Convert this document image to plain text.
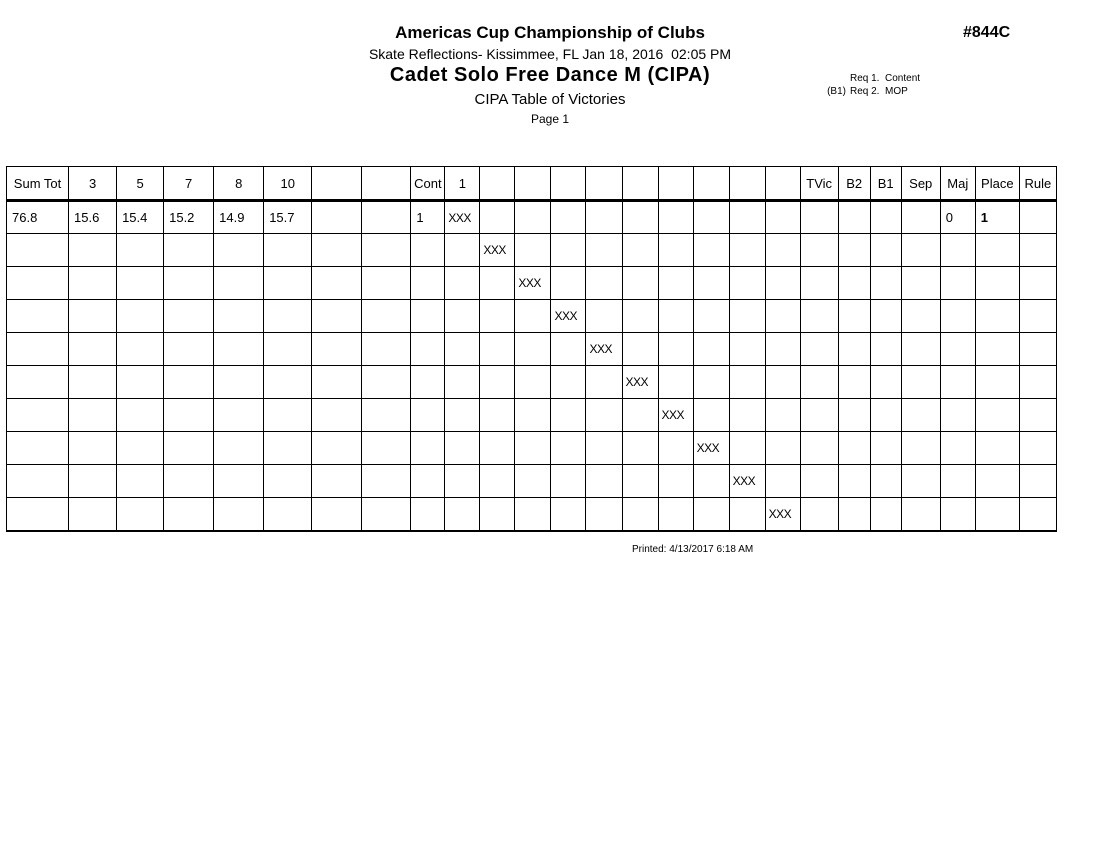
Americas Cup Championship of Clubs
Skate Reflections- Kissimmee, FL Jan 18, 2016  02:05 PM
Cadet Solo Free Dance M (CIPA)
CIPA Table of Victories
Page 1
#844C
Req 1.  Content
(B1) Req 2.  MOP
Sum Tot	3	5	7	8	10			Cont	1										TVic	B2	B1	Sep	Maj	Place	Rule
76.8	15.6	15.4	15.2	14.9	15.7			1	XXX														0	1	
										XXX															
											XXX														
												XXX													
													XXX												
														XXX											
															XXX										
																XXX									
																	XXX								
																		XXX							
Printed: 4/13/2017 6:18 AM
